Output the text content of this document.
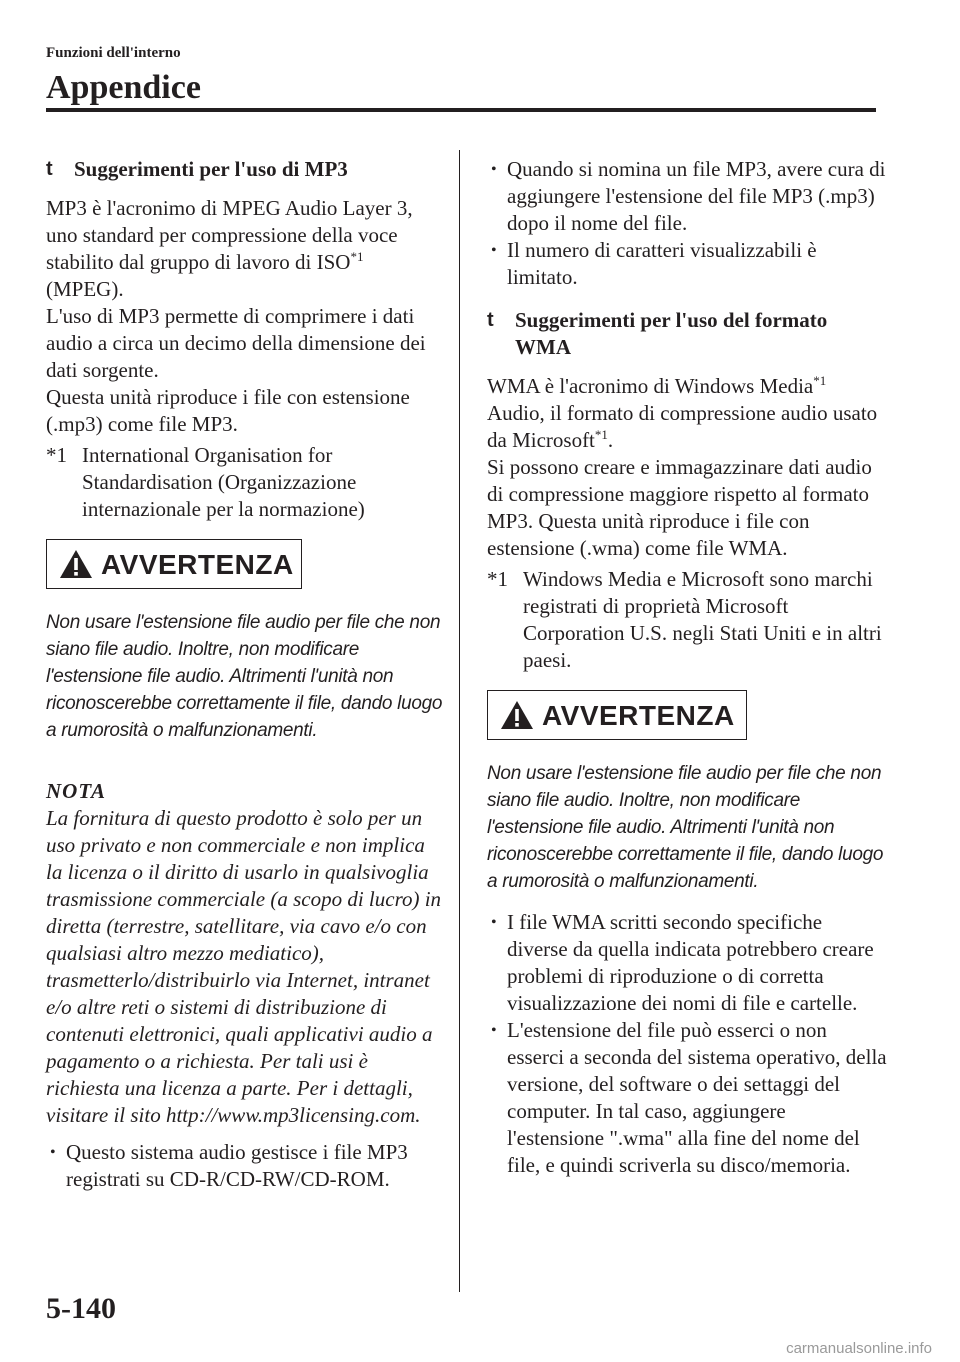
Funzioni dell'interno
Appendice
t Suggerimenti per l'uso di MP3

MP3 è l'acronimo di MPEG Audio Layer 3, uno standard per compressione della voce stabilito dal gruppo di lavoro di ISO$^{*1}$ (MPEG).

L'uso di MP3 permette di comprimere i dati audio a circa un decimo della dimensione dei dati sorgente.

Questa unità riproduce i file con estensione (.mp3) come file MP3.

*1 International Organisation for Standardisation (Organizzazione internazionale per la normazione)
AVVERTENZA
Non usare l'estensione file audio per file che non siano file audio. Inoltre, non modificare l'estensione file audio. Altrimenti l'unità non riconoscerebbe correttamente il file, dando luogo a rumorosità o malfunzionamenti.
NOTA
La fornitura di questo prodotto è solo per un uso privato e non commerciale e non implica la licenza o il diritto di usarlo in qualsivoglia trasmissione commerciale (a scopo di lucro) in diretta (terrestre, satellitare, via cavo e/o con qualsiasi altro mezzo mediatico), trasmetterlo/distribuirlo via Internet, intranet e/o altre reti o sistemi di distribuzione di contenuti elettronici, quali applicativi audio a pagamento o a richiesta. Per tali usi è richiesta una licenza a parte. Per i dettagli, visitare il sito http://www.mp3licensing.com.
• Questo sistema audio gestisce i file MP3 registrati su CD-R/CD-RW/CD-ROM.
• Quando si nomina un file MP3, avere cura di aggiungere l'estensione del file MP3 (.mp3) dopo il nome del file.
• Il numero di caratteri visualizzabili è limitato.
t Suggerimenti per l'uso del formato WMA

WMA è l'acronimo di Windows Media$^{*1}$ Audio, il formato di compressione audio usato da Microsoft$^{*1}$.

Si possono creare e immagazzinare dati audio di compressione maggiore rispetto al formato MP3. Questa unità riproduce i file con estensione (.wma) come file WMA.

*1 Windows Media e Microsoft sono marchi registrati di proprietà Microsoft Corporation U.S. negli Stati Uniti e in altri paesi.
AVVERTENZA
Non usare l'estensione file audio per file che non siano file audio. Inoltre, non modificare l'estensione file audio. Altrimenti l'unità non riconoscerebbe correttamente il file, dando luogo a rumorosità o malfunzionamenti.
• I file WMA scritti secondo specifiche diverse da quella indicata potrebbero creare problemi di riproduzione o di corretta visualizzazione dei nomi di file e cartelle.
• L'estensione del file può esserci o non esserci a seconda del sistema operativo, della versione, del software o dei settaggi del computer. In tal caso, aggiungere l'estensione ".wma" alla fine del nome del file, e quindi scriverla su disco/memoria.
5-140
carmanualsonline.info
